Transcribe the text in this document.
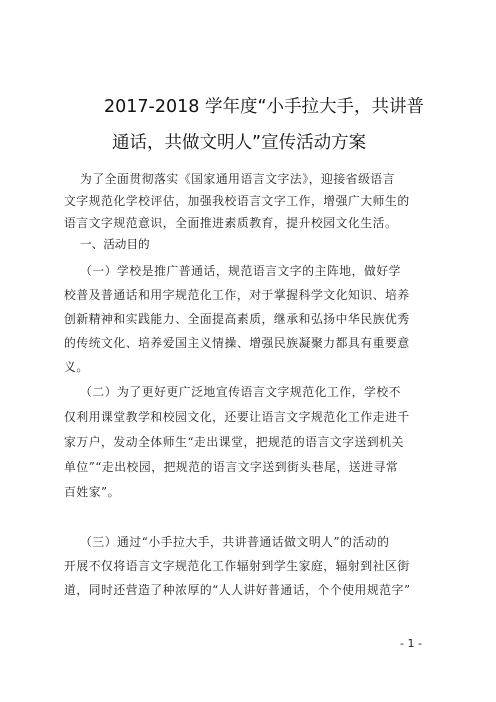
2017-2018 学年度“小手拉大手，共讲普
通话，共做文明人”宣传活动方案
为了全面贯彻落实《国家通用语言文字法》，迎接省级语言
文字规范化学校评估，加强我校语言文字工作，增强广大师生的
语言文字规范意识，全面推进素质教育，提升校园文化生活。
一、活动目的
（一）学校是推广普通话，规范语言文字的主阵地，做好学
校普及普通话和用字规范化工作，对于掌握科学文化知识、培养
创新精神和实践能力、全面提高素质，继承和弘扬中华民族优秀
的传统文化、培养爱国主义情操、增强民族凝聚力都具有重要意
义。
（二）为了更好更广泛地宣传语言文字规范化工作，学校不
仅利用课堂教学和校园文化，还要让语言文字规范化工作走进千
家万户，发动全体师生“走出课堂，把规范的语言文字送到机关
单位”“走出校园，把规范的语言文字送到街头巷尾，送进寻常
百姓家”。
（三）通过“小手拉大手，共讲普通话做文明人”的活动的
开展不仅将语言文字规范化工作辐射到学生家庭，辐射到社区街
道，同时还营造了种浓厚的“人人讲好普通话，个个使用规范字”
- 1 -
